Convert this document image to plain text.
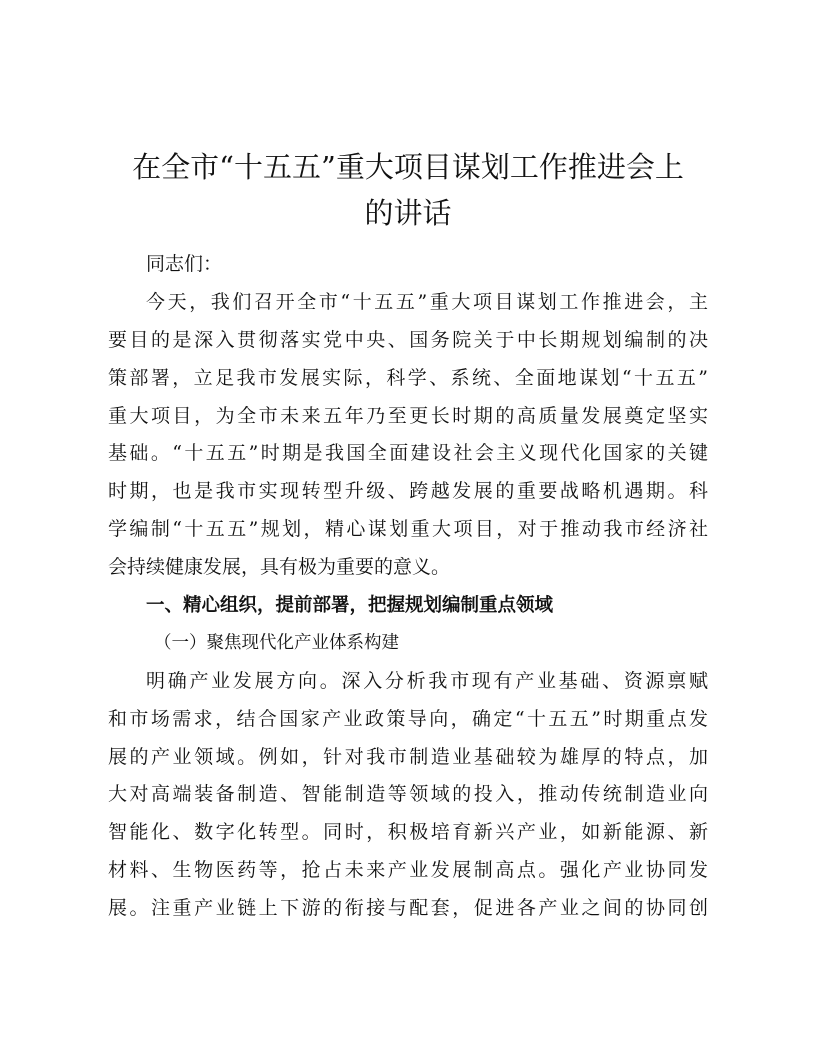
在全市“十五五”重大项目谋划工作推进会上
的讲话
同志们：
今天，我们召开全市“十五五”重大项目谋划工作推进会，主
要目的是深入贯彻落实党中央、国务院关于中长期规划编制的决
策部署，立足我市发展实际，科学、系统、全面地谋划“十五五”
重大项目，为全市未来五年乃至更长时期的高质量发展奠定坚实
基础。“十五五”时期是我国全面建设社会主义现代化国家的关键
时期，也是我市实现转型升级、跨越发展的重要战略机遇期。科
学编制“十五五”规划，精心谋划重大项目，对于推动我市经济社
会持续健康发展，具有极为重要的意义。
一、精心组织，提前部署，把握规划编制重点领域
（一）聚焦现代化产业体系构建
明确产业发展方向。深入分析我市现有产业基础、资源禀赋
和市场需求，结合国家产业政策导向，确定“十五五”时期重点发
展的产业领域。例如，针对我市制造业基础较为雄厚的特点，加
大对高端装备制造、智能制造等领域的投入，推动传统制造业向
智能化、数字化转型。同时，积极培育新兴产业，如新能源、新
材料、生物医药等，抢占未来产业发展制高点。强化产业协同发
展。注重产业链上下游的衔接与配套，促进各产业之间的协同创
